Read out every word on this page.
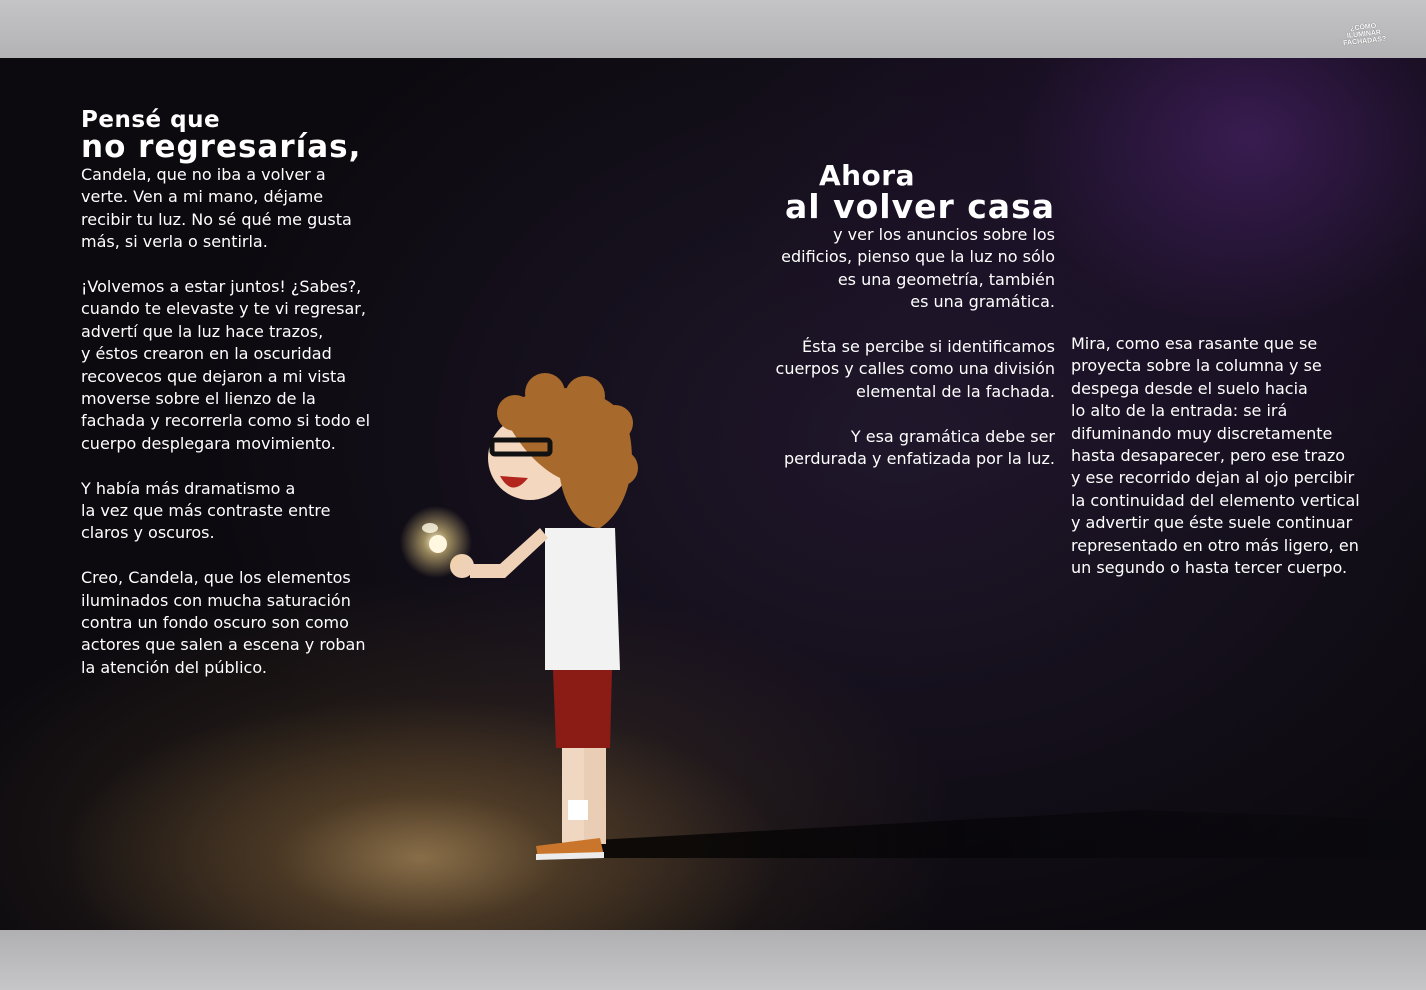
¿CÓMO ILUMINAR FACHADAS?
Pensé que
no regresarías,

Candela, que no iba a volver a
verte. Ven a mi mano, déjame
recibir tu luz. No sé qué me gusta
más, si verla o sentirla.

¡Volvemos a estar juntos! ¿Sabes?,
cuando te elevaste y te vi regresar,
advertí que la luz hace trazos,
y éstos crearon en la oscuridad
recovecos que dejaron a mi vista
moverse sobre el lienzo de la
fachada y recorrerla como si todo el
cuerpo desplegara movimiento.

Y había más dramatismo a
la vez que más contraste entre
claros y oscuros.

Creo, Candela, que los elementos
iluminados con mucha saturación
contra un fondo oscuro son como
actores que salen a escena y roban
la atención del público.

Ahora
al volver casa

y ver los anuncios sobre los
edificios, pienso que la luz no sólo
es una geometría, también
es una gramática.

Ésta se percibe si identificamos
cuerpos y calles como una división
elemental de la fachada.

Y esa gramática debe ser
perdurada y enfatizada por la luz.

Mira, como esa rasante que se
proyecta sobre la columna y se
despega desde el suelo hacia
lo alto de la entrada: se irá
difuminando muy discretamente
hasta desaparecer, pero ese trazo
y ese recorrido dejan al ojo percibir
la continuidad del elemento vertical
y advertir que éste suele continuar
representado en otro más ligero, en
un segundo o hasta tercer cuerpo.
